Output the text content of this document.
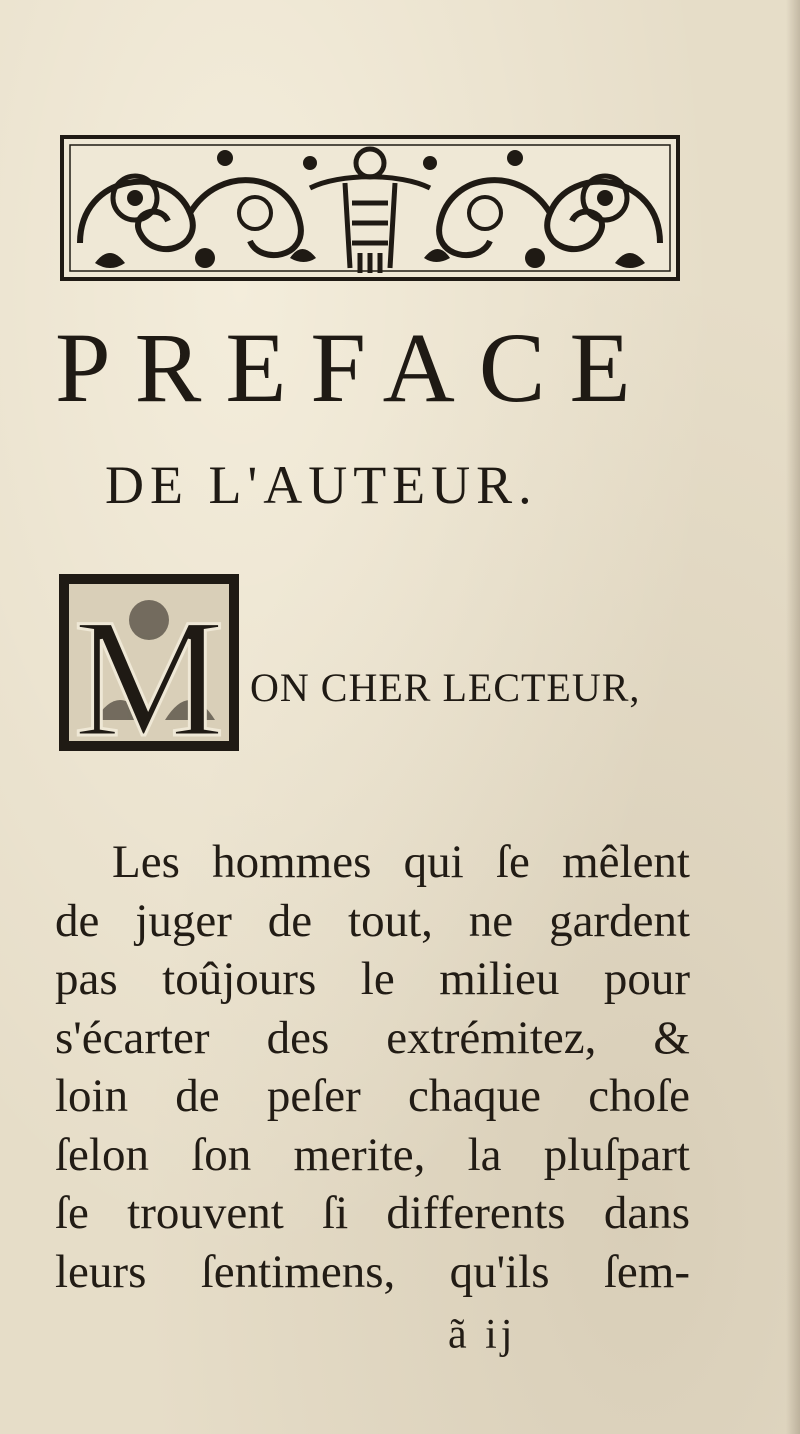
PREFACE
DE L'AUTEUR.
M ON CHER LECTEUR,
Les hommes qui ſe mêlent
de juger de tout, ne gardent
pas toûjours le milieu pour
s'écarter des extrémitez, &
loin de peſer chaque choſe
ſelon ſon merite, la pluſpart
ſe trouvent ſi differents dans
leurs ſentimens, qu'ils ſem-
ã ij
